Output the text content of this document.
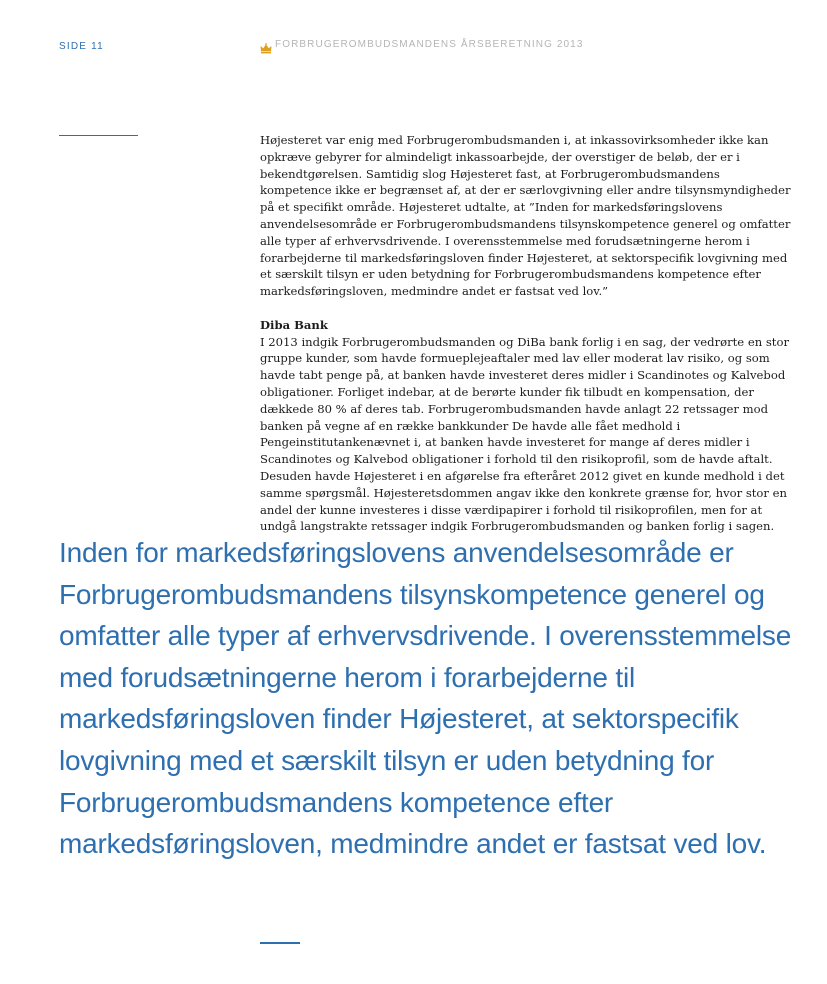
SIDE 11	FORBRUGEROMBUDSMANDENS ÅRSBERETNING 2013

Højesteret var enig med Forbrugerombudsmanden i, at inkassovirksomheder ikke kan opkræve gebyrer for almindeligt inkassoarbejde, der overstiger de beløb, der er i bekendtgørelsen. Samtidig slog Højesteret fast, at Forbrugerombudsmandens kompetence ikke er begrænset af, at der er særlovgivning eller andre tilsynsmyndigheder på et specifikt område. Højesteret udtalte, at ”Inden for markedsføringslovens anvendelsesområde er Forbrugerombudsmandens tilsynskompetence generel og omfatter alle typer af erhvervsdrivende. I overensstemmelse med forudsætningerne herom i forarbejderne til markedsføringsloven finder Højesteret, at sektorspecifik lovgivning med et særskilt tilsyn er uden betydning for Forbrugerombudsmandens kompetence efter markedsføringsloven, medmindre andet er fastsat ved lov.”

Diba Bank

I 2013 indgik Forbrugerombudsmanden og DiBa bank forlig i en sag, der vedrørte en stor gruppe kunder, som havde formueplejeaftaler med lav eller moderat lav risiko, og som havde tabt penge på, at banken havde investeret deres midler i Scandinotes og Kalvebod obligationer. Forliget indebar, at de berørte kunder fik tilbudt en kompensation, der dækkede 80 % af deres tab. Forbrugerombudsmanden havde anlagt 22 retssager mod banken på vegne af en række bankkunder De havde alle fået medhold i Pengeinstitutankenævnet i, at banken havde investeret for mange af deres midler i Scandinotes og Kalvebod obligationer i forhold til den risikoprofil, som de havde aftalt. Desuden havde Højesteret i en afgørelse fra efteråret 2012 givet en kunde medhold i det samme spørgsmål. Højesteretsdommen angav ikke den konkrete grænse for, hvor stor en andel der kunne investeres i disse værdipapirer i forhold til risikoprofilen, men for at undgå langstrakte retssager indgik Forbrugerombudsmanden og banken forlig i sagen.

Inden for markedsføringslovens anvendelsesområde er Forbrugerombudsmandens tilsynskompetence generel og omfatter alle typer af erhvervsdrivende. I overensstemmelse med forudsætningerne herom i forarbejderne til markedsføringsloven finder Højesteret, at sektorspecifik lovgivning med et særskilt tilsyn er uden betydning for Forbrugerombudsmandens kompetence efter markedsføringsloven, medmindre andet er fastsat ved lov.
